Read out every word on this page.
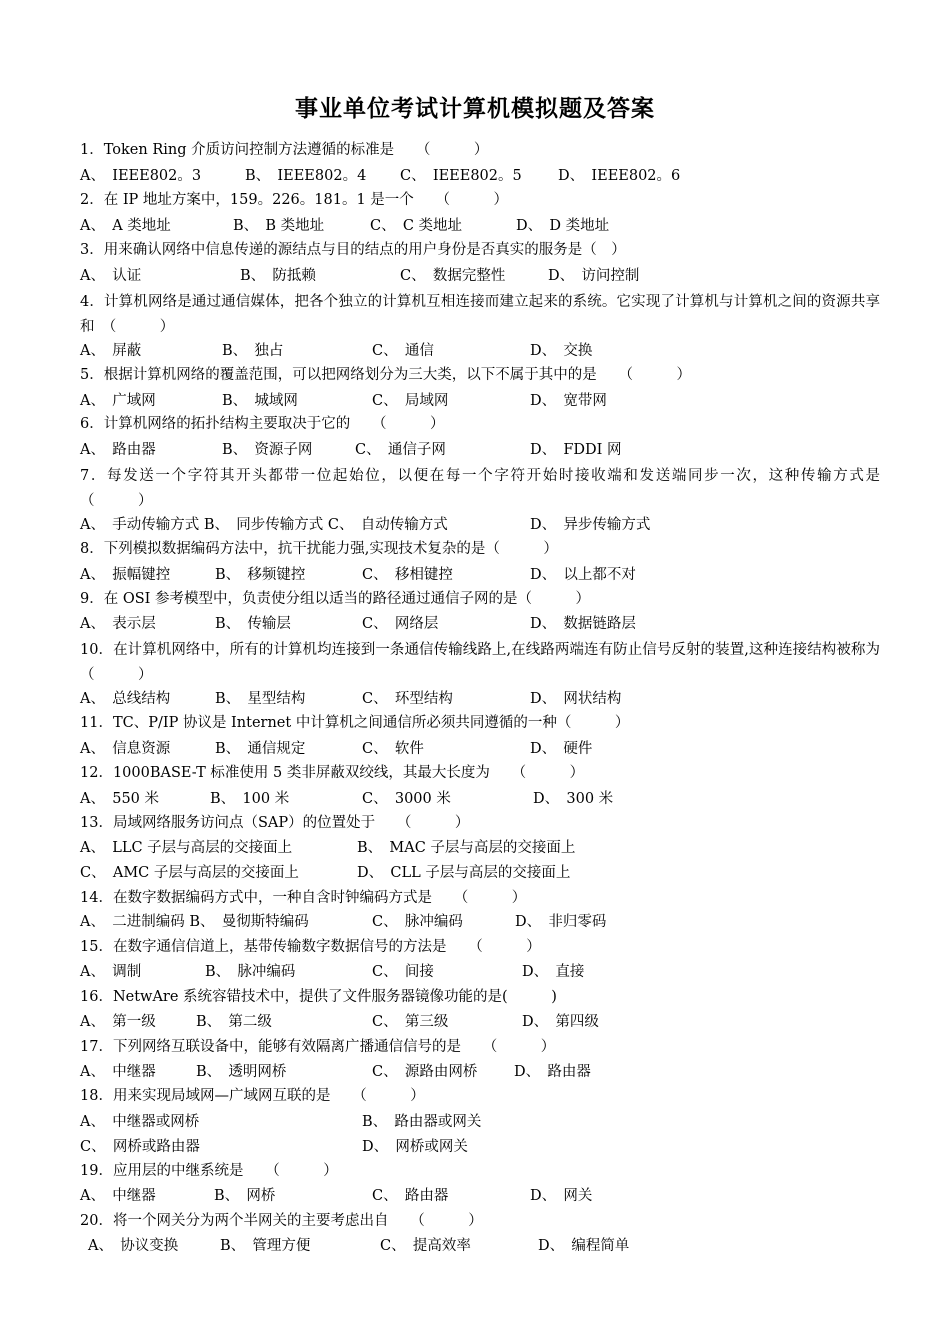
事业单位考试计算机模拟题及答案
1．Token Ring 介质访问控制方法遵循的标准是　　（　　　）
A、　IEEE802。3	B、　IEEE802。4 C、　IEEE802。5	D、　IEEE802。6
2．在 IP 地址方案中，159。226。181。1 是一个　　（　　　）
A、　A 类地址	B、　B 类地址	C、　C 类地址	D、　D 类地址
3．用来确认网络中信息传递的源结点与目的结点的用户身份是否真实的服务是（　）
A、　认证	B、　防抵赖	C、　数据完整性	D、　访问控制
4．计算机网络是通过通信媒体，把各个独立的计算机互相连接而建立起来的系统。它实现了计算机与计算机之间的资源共享和　（　　　）
A、　屏蔽	B、　独占	C、　通信	D、　交换
5．根据计算机网络的覆盖范围，可以把网络划分为三大类，以下不属于其中的是　　（　　　）
A、　广域网	B、　城域网	C、　局域网	D、　宽带网
6．计算机网络的拓扑结构主要取决于它的　　（　　　）
A、　路由器	B、　资源子网	C、　通信子网	D、　FDDI 网
7．每发送一个字符其开头都带一位起始位，以便在每一个字符开始时接收端和发送端同步一次，这种传输方式是　　（　　　）
A、　手动传输方式 B、　同步传输方式 C、　自动传输方式	D、　异步传输方式
8．下列模拟数据编码方法中，抗干扰能力强,实现技术复杂的是（　　　）
A、　振幅键控	B、　移频键控	C、　移相键控	D、　以上都不对
9．在 OSI 参考模型中，负责使分组以适当的路径通过通信子网的是（　　　）
A、　表示层	B、　传输层	C、　网络层	D、　数据链路层
10．在计算机网络中，所有的计算机均连接到一条通信传输线路上,在线路两端连有防止信号反射的装置,这种连接结构被称为　　（　　　）
A、　总线结构	B、　星型结构	C、　环型结构	D、　网状结构
11．TC、P/IP 协议是 Internet 中计算机之间通信所必须共同遵循的一种（　　　）
A、　信息资源	B、　通信规定	C、　软件	D、　硬件
12．1000BASE-T 标准使用 5 类非屏蔽双绞线，其最大长度为　　（　　　）
A、　550 米	B、　100 米	C、　3000 米	D、　300 米
13．局域网络服务访问点（SAP）的位置处于　　（　　　）
A、　LLC 子层与高层的交接面上	B、　MAC 子层与高层的交接面上
C、　AMC 子层与高层的交接面上	D、　CLL 子层与高层的交接面上
14．在数字数据编码方式中，一种自含时钟编码方式是　　（　　　）
A、　二进制编码 B、　曼彻斯特编码	C、　脉冲编码	D、　非归零码
15．在数字通信信道上，基带传输数字数据信号的方法是　　（　　　）
A、　调制	B、　脉冲编码	C、　间接	D、　直接
16．NetwAre 系统容错技术中，提供了文件服务器镜像功能的是(　　　)
A、　第一级	B、　第二级	C、　第三级	D、　第四级
17．下列网络互联设备中，能够有效隔离广播通信信号的是　　（　　　）
A、　中继器	B、　透明网桥	C、　源路由网桥	D、　路由器
18．用来实现局域网—广域网互联的是　　（　　　）
A、　中继器或网桥	B、　路由器或网关
C、　网桥或路由器	D、　网桥或网关
19．应用层的中继系统是　　（　　　）
A、　中继器	B、　网桥	C、　路由器	D、　网关
20．将一个网关分为两个半网关的主要考虑出自　　（　　　）
A、　协议变换	B、　管理方便	C、　提高效率	D、　编程简单
